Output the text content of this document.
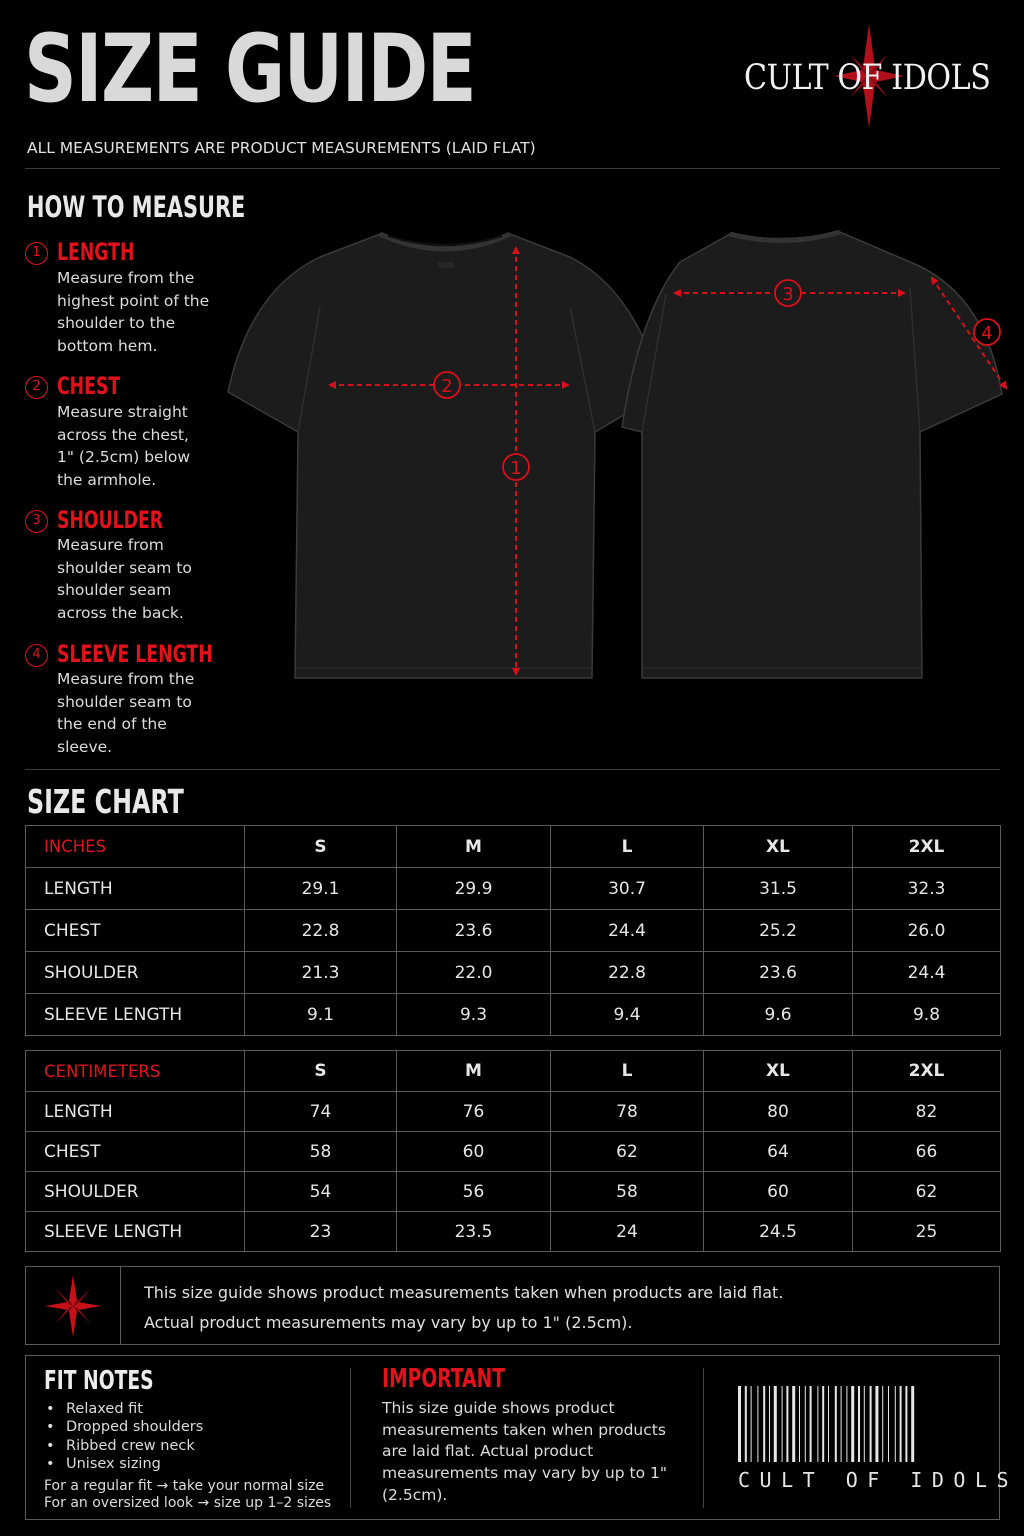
SIZE GUIDE	CULT OF IDOLS
ALL MEASUREMENTS ARE PRODUCT MEASUREMENTS (LAID FLAT)
HOW TO MEASURE
1 LENGTH
Measure from the
highest point of the
shoulder to the
bottom hem.
2 CHEST
Measure straight
across the chest,
1" (2.5cm) below
the armhole.
3 SHOULDER
Measure from
shoulder seam to
shoulder seam
across the back.
4 SLEEVE LENGTH
Measure from the
shoulder seam to
the end of the
sleeve.
1
2
3
4
SIZE CHART
INCHES	S	M	L	XL	2XL
LENGTH	29.1	29.9	30.7	31.5	32.3
CHEST	22.8	23.6	24.4	25.2	26.0
SHOULDER	21.3	22.0	22.8	23.6	24.4
SLEEVE LENGTH	9.1	9.3	9.4	9.6	9.8
CENTIMETERS	S	M	L	XL	2XL
LENGTH	74	76	78	80	82
CHEST	58	60	62	64	66
SHOULDER	54	56	58	60	62
SLEEVE LENGTH	23	23.5	24	24.5	25
This size guide shows product measurements taken when products are laid flat.
Actual product measurements may vary by up to 1" (2.5cm).
FIT NOTES
• Relaxed fit
• Dropped shoulders
• Ribbed crew neck
• Unisex sizing
For a regular fit → take your normal size
For an oversized look → size up 1–2 sizes
IMPORTANT
This size guide shows product measurements taken when products are laid flat. Actual product measurements may vary by up to 1" (2.5cm).
CULT OF IDOLS
